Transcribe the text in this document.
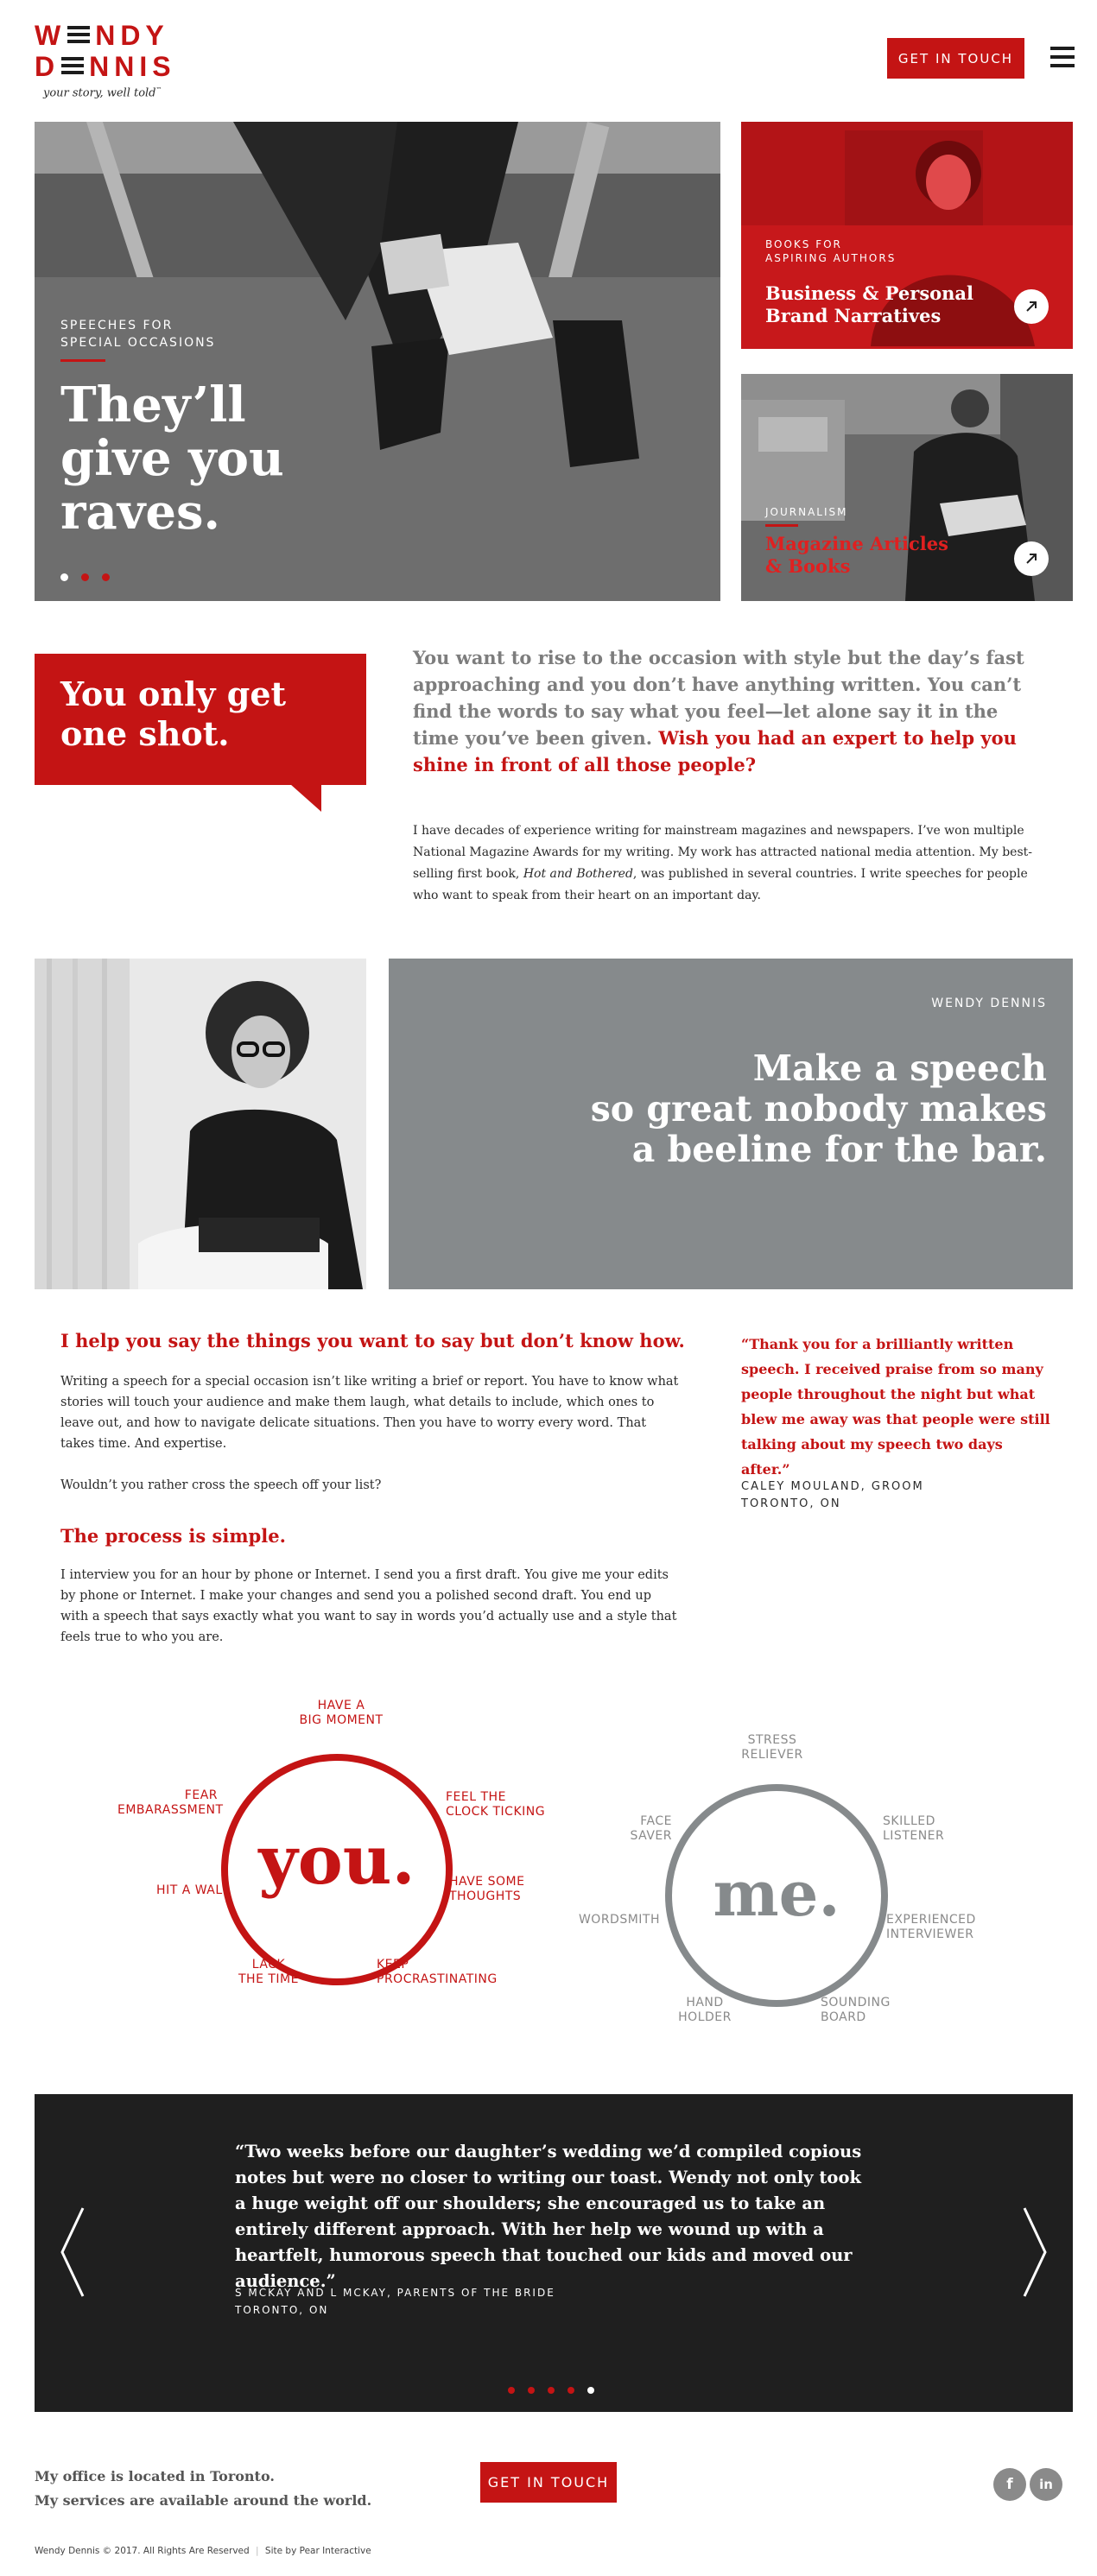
W NDY
D NNIS
your story, well told™
GET IN TOUCH
SPEECHES FOR
SPECIAL OCCASIONS
They’ll
give you
raves.
BOOKS FOR
ASPIRING AUTHORS
Business & Personal
Brand Narratives
JOURNALISM
Magazine Articles
& Books
You only get
one shot.
You want to rise to the occasion with style but the day’s fast approaching and you don’t have anything written. You can’t find the words to say what you feel—let alone say it in the time you’ve been given. Wish you had an expert to help you shine in front of all those people?
I have decades of experience writing for mainstream magazines and newspapers. I’ve won multiple National Magazine Awards for my writing. My work has attracted national media attention. My best-selling first book, Hot and Bothered, was published in several countries. I write speeches for people who want to speak from their heart on an important day.
WENDY DENNIS
Make a speech
so great nobody makes
a beeline for the bar.
I help you say the things you want to say but don’t know how.
Writing a speech for a special occasion isn’t like writing a brief or report. You have to know what stories will touch your audience and make them laugh, what details to include, which ones to leave out, and how to navigate delicate situations. Then you have to worry every word. That takes time. And expertise.
Wouldn’t you rather cross the speech off your list?
The process is simple.
I interview you for an hour by phone or Internet. I send you a first draft. You give me your edits by phone or Internet. I make your changes and send you a polished second draft. You end up with a speech that says exactly what you want to say in words you’d actually use and a style that feels true to who you are.
“Thank you for a brilliantly written speech. I received praise from so many people throughout the night but what blew me away was that people were still talking about my speech two days after.”
CALEY MOULAND, GROOM
TORONTO, ON
you.
HAVE A
BIG MOMENT
FEEL THE
CLOCK TICKING
HAVE SOME
THOUGHTS
KEEP
PROCRASTINATING
LACK
THE TIME
HIT A WALL
FEAR
EMBARASSMENT
me.
STRESS
RELIEVER
SKILLED
LISTENER
EXPERIENCED
INTERVIEWER
SOUNDING
BOARD
HAND
HOLDER
WORDSMITH
FACE
SAVER
“Two weeks before our daughter’s wedding we’d compiled copious notes but were no closer to writing our toast. Wendy not only took a huge weight off our shoulders; she encouraged us to take an entirely different approach. With her help we wound up with a heartfelt, humorous speech that touched our kids and moved our audience.”
S MCKAY AND L MCKAY, PARENTS OF THE BRIDE
TORONTO, ON
My office is located in Toronto.
My services are available around the world.
GET IN TOUCH	f	in
Wendy Dennis © 2017. All Rights Are Reserved | Site by Pear Interactive
